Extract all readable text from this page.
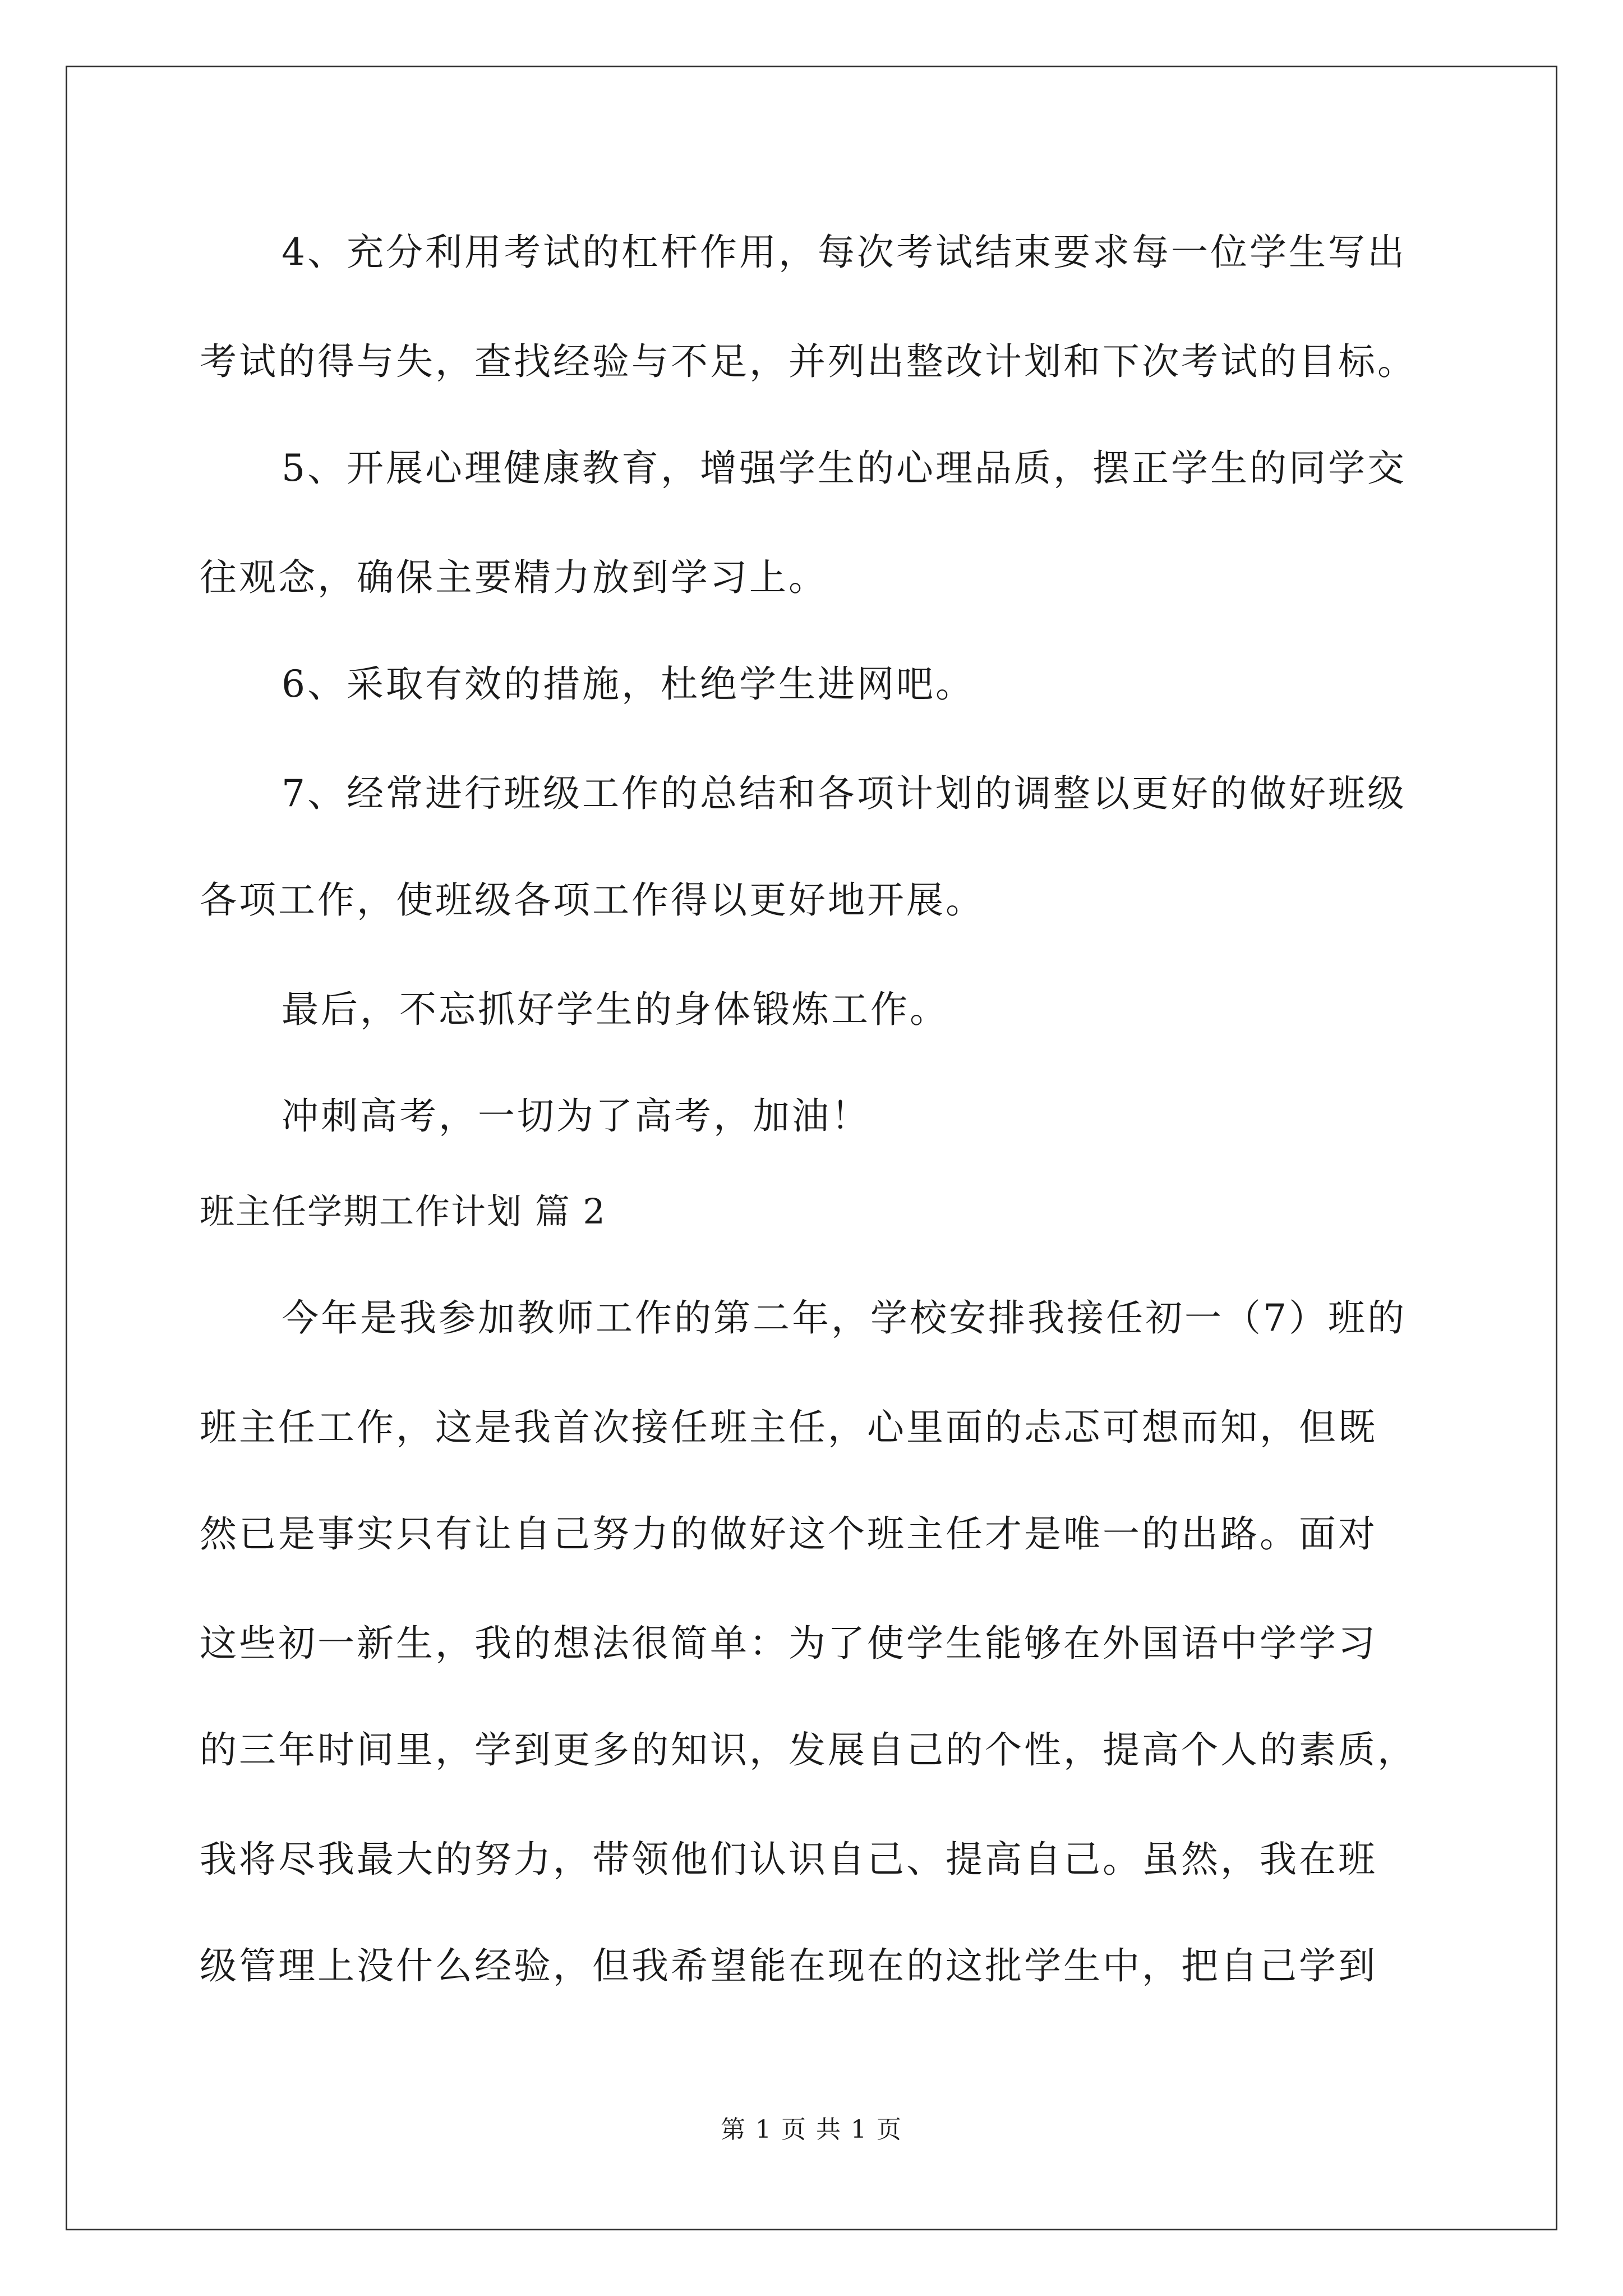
4、充分利用考试的杠杆作用，每次考试结束要求每一位学生写出

考试的得与失，查找经验与不足，并列出整改计划和下次考试的目标。

5、开展心理健康教育，增强学生的心理品质，摆正学生的同学交

往观念，确保主要精力放到学习上。

6、采取有效的措施，杜绝学生进网吧。

7、经常进行班级工作的总结和各项计划的调整以更好的做好班级

各项工作，使班级各项工作得以更好地开展。

最后，不忘抓好学生的身体锻炼工作。

冲刺高考，一切为了高考，加油！

班主任学期工作计划 篇 2

今年是我参加教师工作的第二年，学校安排我接任初一（7）班的

班主任工作，这是我首次接任班主任，心里面的忐忑可想而知，但既

然已是事实只有让自己努力的做好这个班主任才是唯一的出路。面对

这些初一新生，我的想法很简单：为了使学生能够在外国语中学学习

的三年时间里，学到更多的知识，发展自己的个性，提高个人的素质，

我将尽我最大的努力，带领他们认识自己、提高自己。虽然，我在班

级管理上没什么经验，但我希望能在现在的这批学生中，把自己学到

第 1 页 共 1 页
